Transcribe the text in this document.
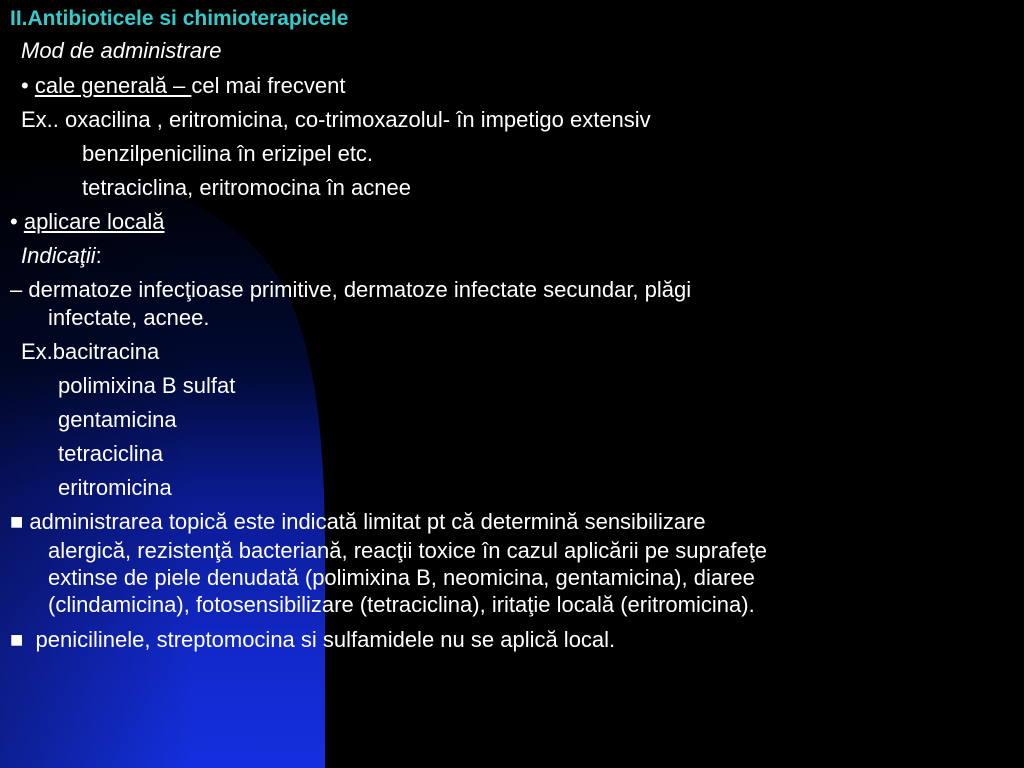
II.Antibioticele si chimioterapicele
Mod de administrare
• cale generală – cel mai frecvent
Ex.. oxacilina , eritromicina, co-trimoxazolul- în impetigo extensiv
benzilpenicilina în erizipel etc.
tetraciclina, eritromocina în acnee
• aplicare locală
Indicaţii:
– dermatoze infecţioase primitive, dermatoze infectate secundar, plăgi
infectate, acnee.
Ex.bacitracina
polimixina B sulfat
gentamicina
tetraciclina
eritromicina
■ administrarea topică este indicată limitat pt că determină sensibilizare
alergică, rezistenţă bacteriană, reacţii toxice în cazul aplicării pe suprafeţe
extinse de piele denudată (polimixina B, neomicina, gentamicina), diaree
(clindamicina), fotosensibilizare (tetraciclina), iritaţie locală (eritromicina).
■ penicilinele, streptomocina si sulfamidele nu se aplică local.
